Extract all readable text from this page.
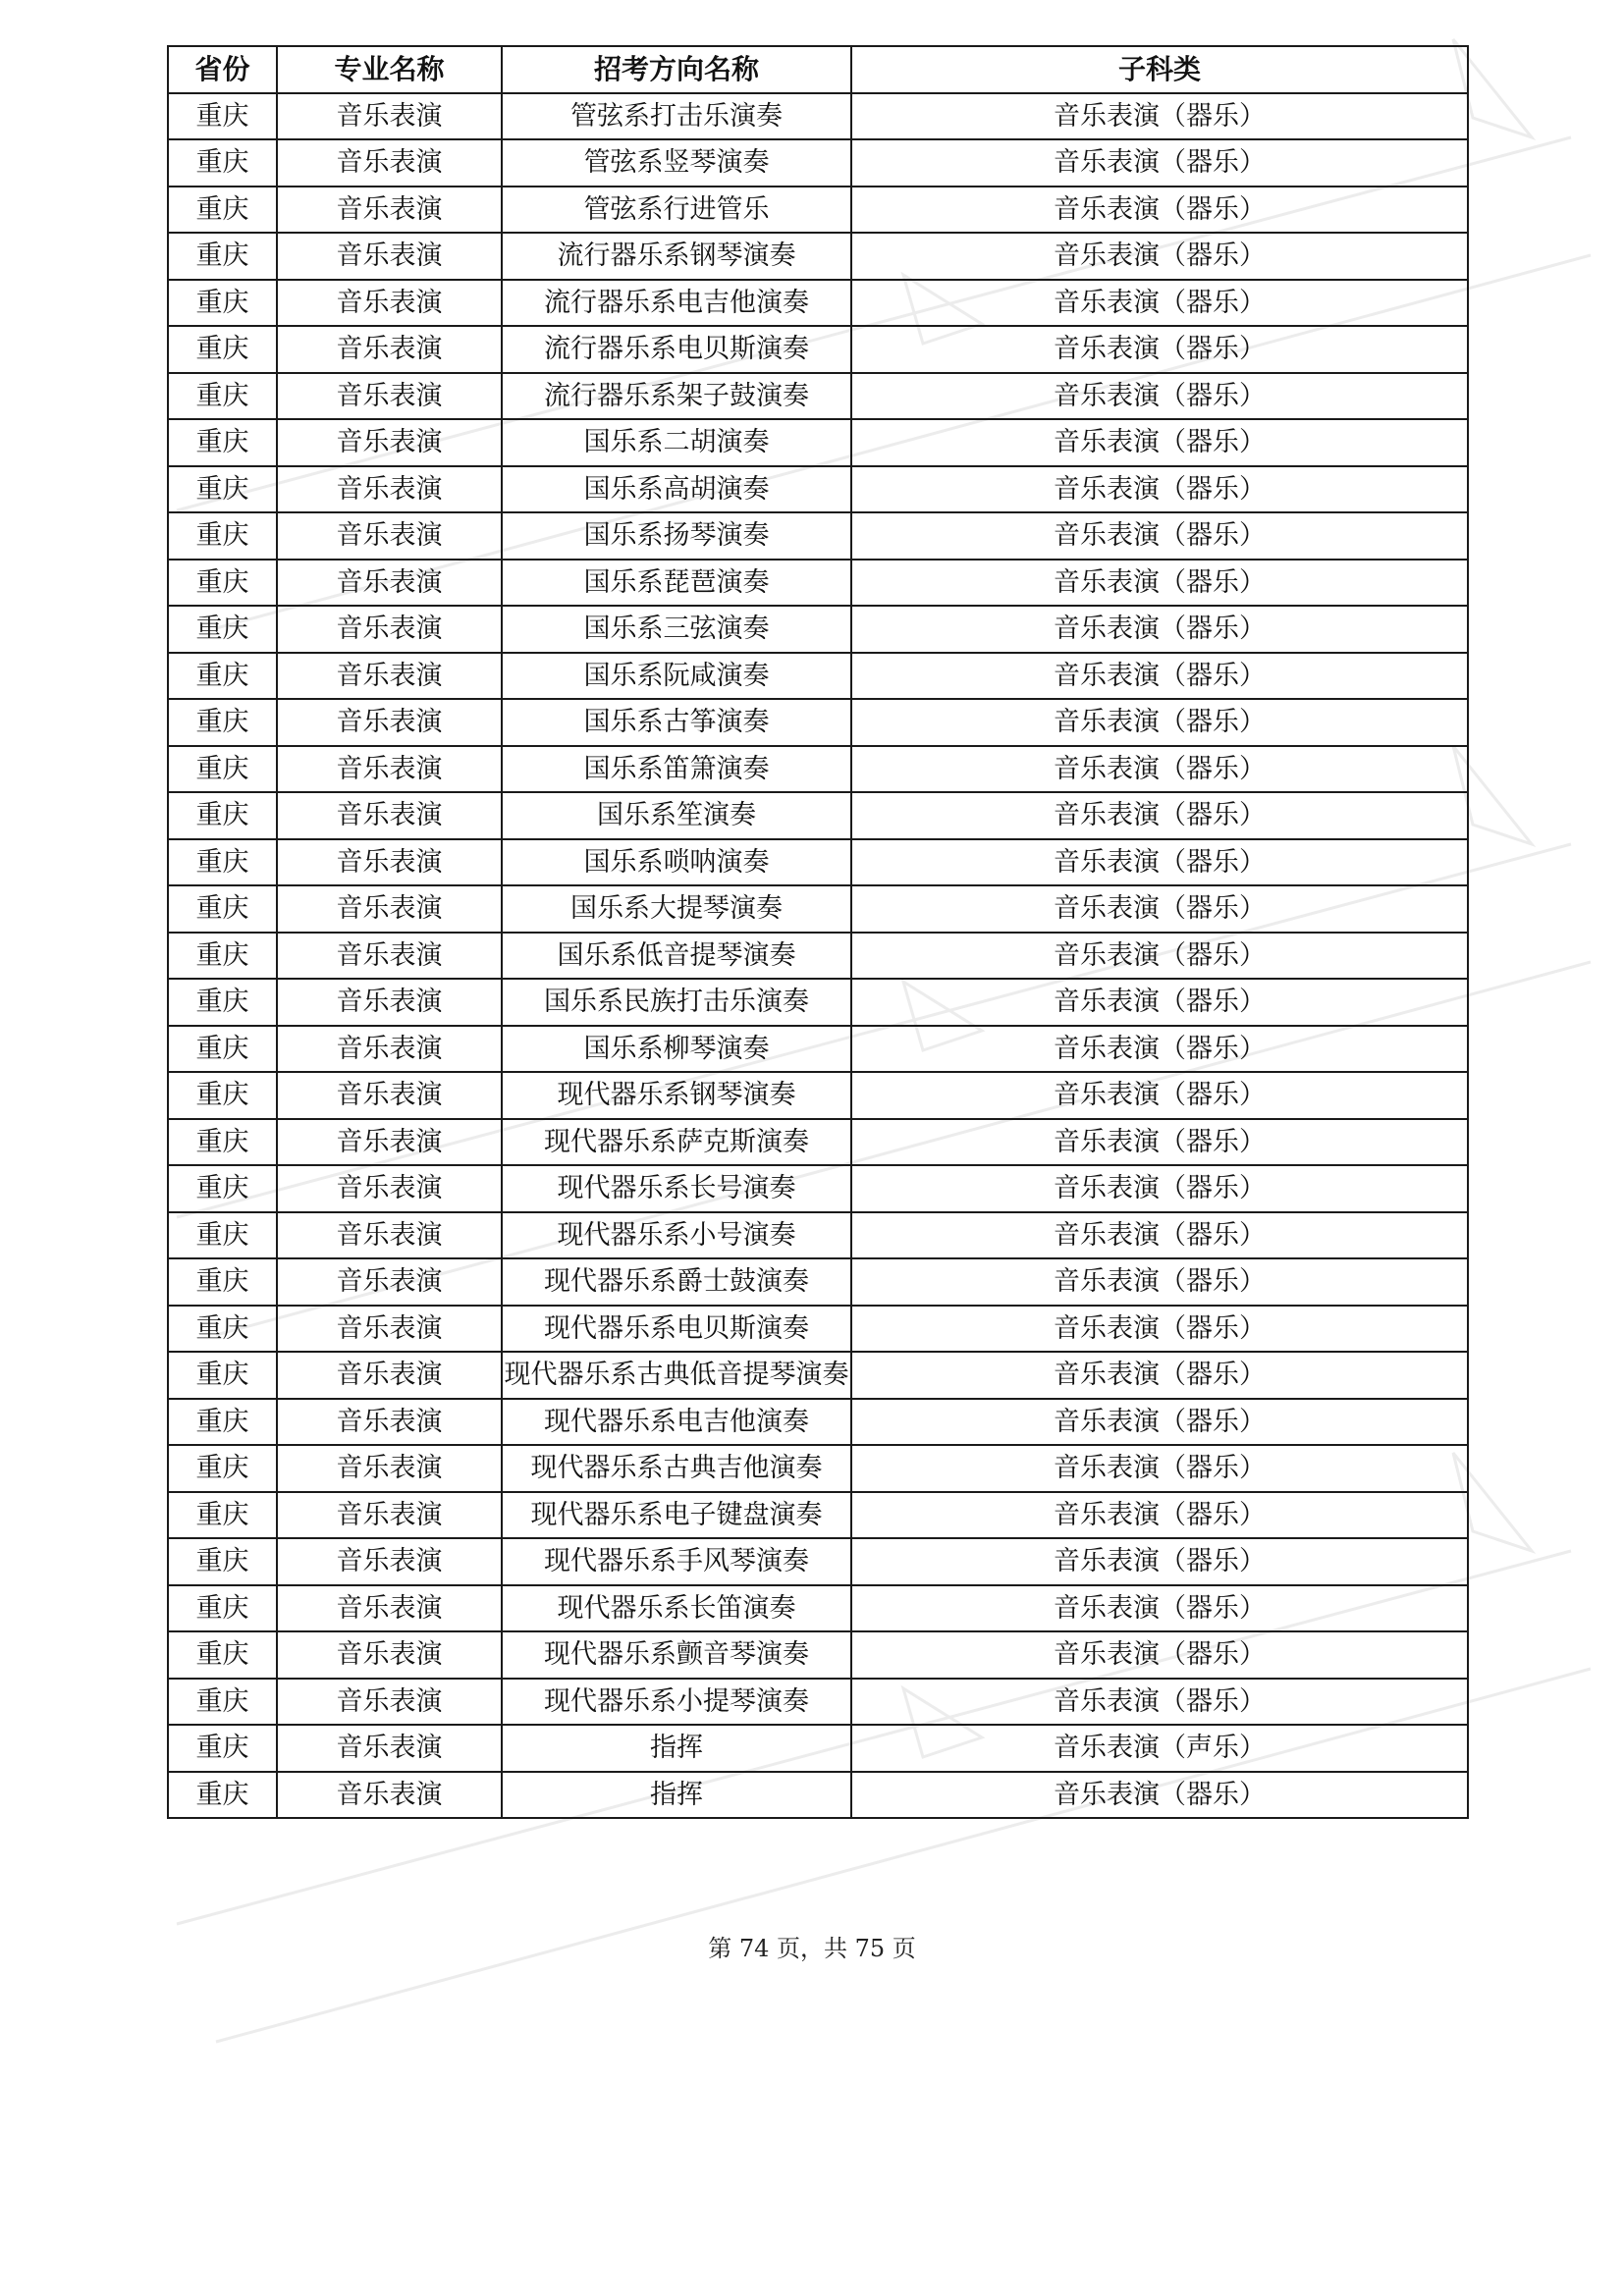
省份	专业名称	招考方向名称	子科类
重庆	音乐表演	管弦系打击乐演奏	音乐表演（器乐）
重庆	音乐表演	管弦系竖琴演奏	音乐表演（器乐）
重庆	音乐表演	管弦系行进管乐	音乐表演（器乐）
重庆	音乐表演	流行器乐系钢琴演奏	音乐表演（器乐）
重庆	音乐表演	流行器乐系电吉他演奏	音乐表演（器乐）
重庆	音乐表演	流行器乐系电贝斯演奏	音乐表演（器乐）
重庆	音乐表演	流行器乐系架子鼓演奏	音乐表演（器乐）
重庆	音乐表演	国乐系二胡演奏	音乐表演（器乐）
重庆	音乐表演	国乐系高胡演奏	音乐表演（器乐）
重庆	音乐表演	国乐系扬琴演奏	音乐表演（器乐）
重庆	音乐表演	国乐系琵琶演奏	音乐表演（器乐）
重庆	音乐表演	国乐系三弦演奏	音乐表演（器乐）
重庆	音乐表演	国乐系阮咸演奏	音乐表演（器乐）
重庆	音乐表演	国乐系古筝演奏	音乐表演（器乐）
重庆	音乐表演	国乐系笛箫演奏	音乐表演（器乐）
重庆	音乐表演	国乐系笙演奏	音乐表演（器乐）
重庆	音乐表演	国乐系唢呐演奏	音乐表演（器乐）
重庆	音乐表演	国乐系大提琴演奏	音乐表演（器乐）
重庆	音乐表演	国乐系低音提琴演奏	音乐表演（器乐）
重庆	音乐表演	国乐系民族打击乐演奏	音乐表演（器乐）
重庆	音乐表演	国乐系柳琴演奏	音乐表演（器乐）
重庆	音乐表演	现代器乐系钢琴演奏	音乐表演（器乐）
重庆	音乐表演	现代器乐系萨克斯演奏	音乐表演（器乐）
重庆	音乐表演	现代器乐系长号演奏	音乐表演（器乐）
重庆	音乐表演	现代器乐系小号演奏	音乐表演（器乐）
重庆	音乐表演	现代器乐系爵士鼓演奏	音乐表演（器乐）
重庆	音乐表演	现代器乐系电贝斯演奏	音乐表演（器乐）
重庆	音乐表演	现代器乐系古典低音提琴演奏	音乐表演（器乐）
重庆	音乐表演	现代器乐系电吉他演奏	音乐表演（器乐）
重庆	音乐表演	现代器乐系古典吉他演奏	音乐表演（器乐）
重庆	音乐表演	现代器乐系电子键盘演奏	音乐表演（器乐）
重庆	音乐表演	现代器乐系手风琴演奏	音乐表演（器乐）
重庆	音乐表演	现代器乐系长笛演奏	音乐表演（器乐）
重庆	音乐表演	现代器乐系颤音琴演奏	音乐表演（器乐）
重庆	音乐表演	现代器乐系小提琴演奏	音乐表演（器乐）
重庆	音乐表演	指挥	音乐表演（声乐）
重庆	音乐表演	指挥	音乐表演（器乐）
第 74 页，共 75 页
